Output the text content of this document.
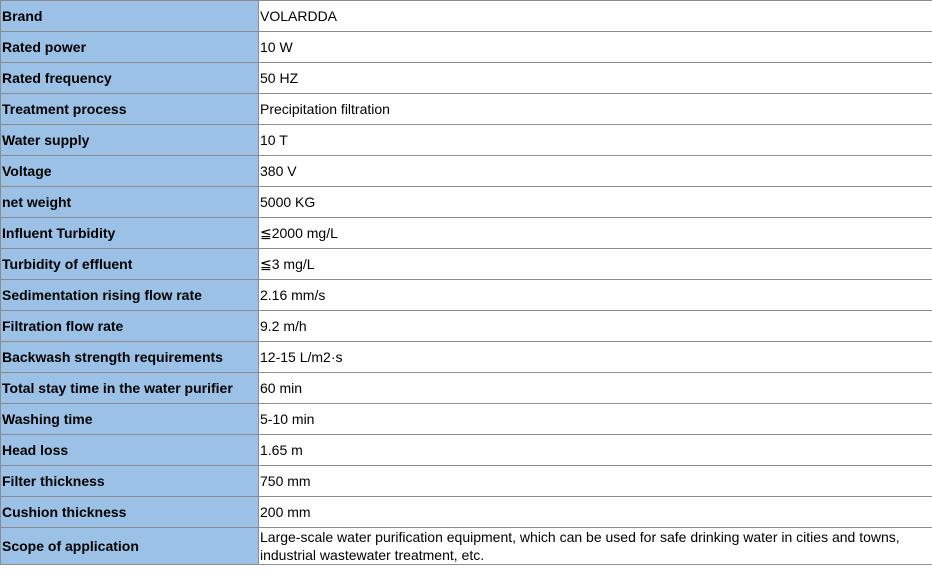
Brand	VOLARDDA
Rated power	10 W
Rated frequency	50 HZ
Treatment process	Precipitation filtration
Water supply	10 T
Voltage	380 V
net weight	5000 KG
Influent Turbidity	≦2000 mg/L
Turbidity of effluent	≦3 mg/L
Sedimentation rising flow rate	2.16 mm/s
Filtration flow rate	9.2 m/h
Backwash strength requirements	12-15 L/m2·s
Total stay time in the water purifier	60 min
Washing time	5-10 min
Head loss	1.65 m
Filter thickness	750 mm
Cushion thickness	200 mm
Scope of application	Large-scale water purification equipment, which can be used for safe drinking water in cities and towns, industrial wastewater treatment, etc.
